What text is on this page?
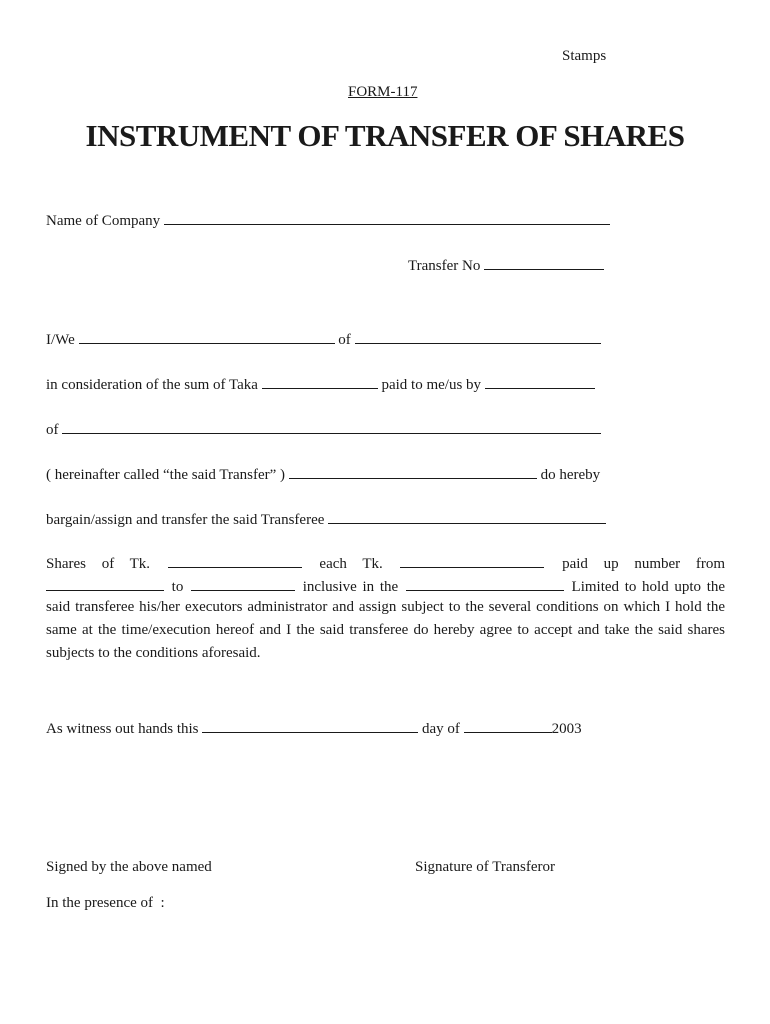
Stamps
FORM-117
INSTRUMENT OF TRANSFER OF SHARES
Name of Company
Transfer No
I/We	of
in consideration of the sum of Taka	paid to me/us by
of
( hereinafter called “the said Transfer” )	do hereby
bargain/assign and transfer the said Transferee
Shares of Tk.	each Tk.	paid up number from
to	inclusive in the	Limited to hold upto the
said transferee his/her executors administrator and assign subject to the several conditions on which I hold the same at the time/execution hereof and I the said transferee do hereby agree to accept and take the said shares subjects to the conditions aforesaid.
As witness out hands this	day of	2003
Signed by the above named	Signature of Transferor
In the presence of  :
